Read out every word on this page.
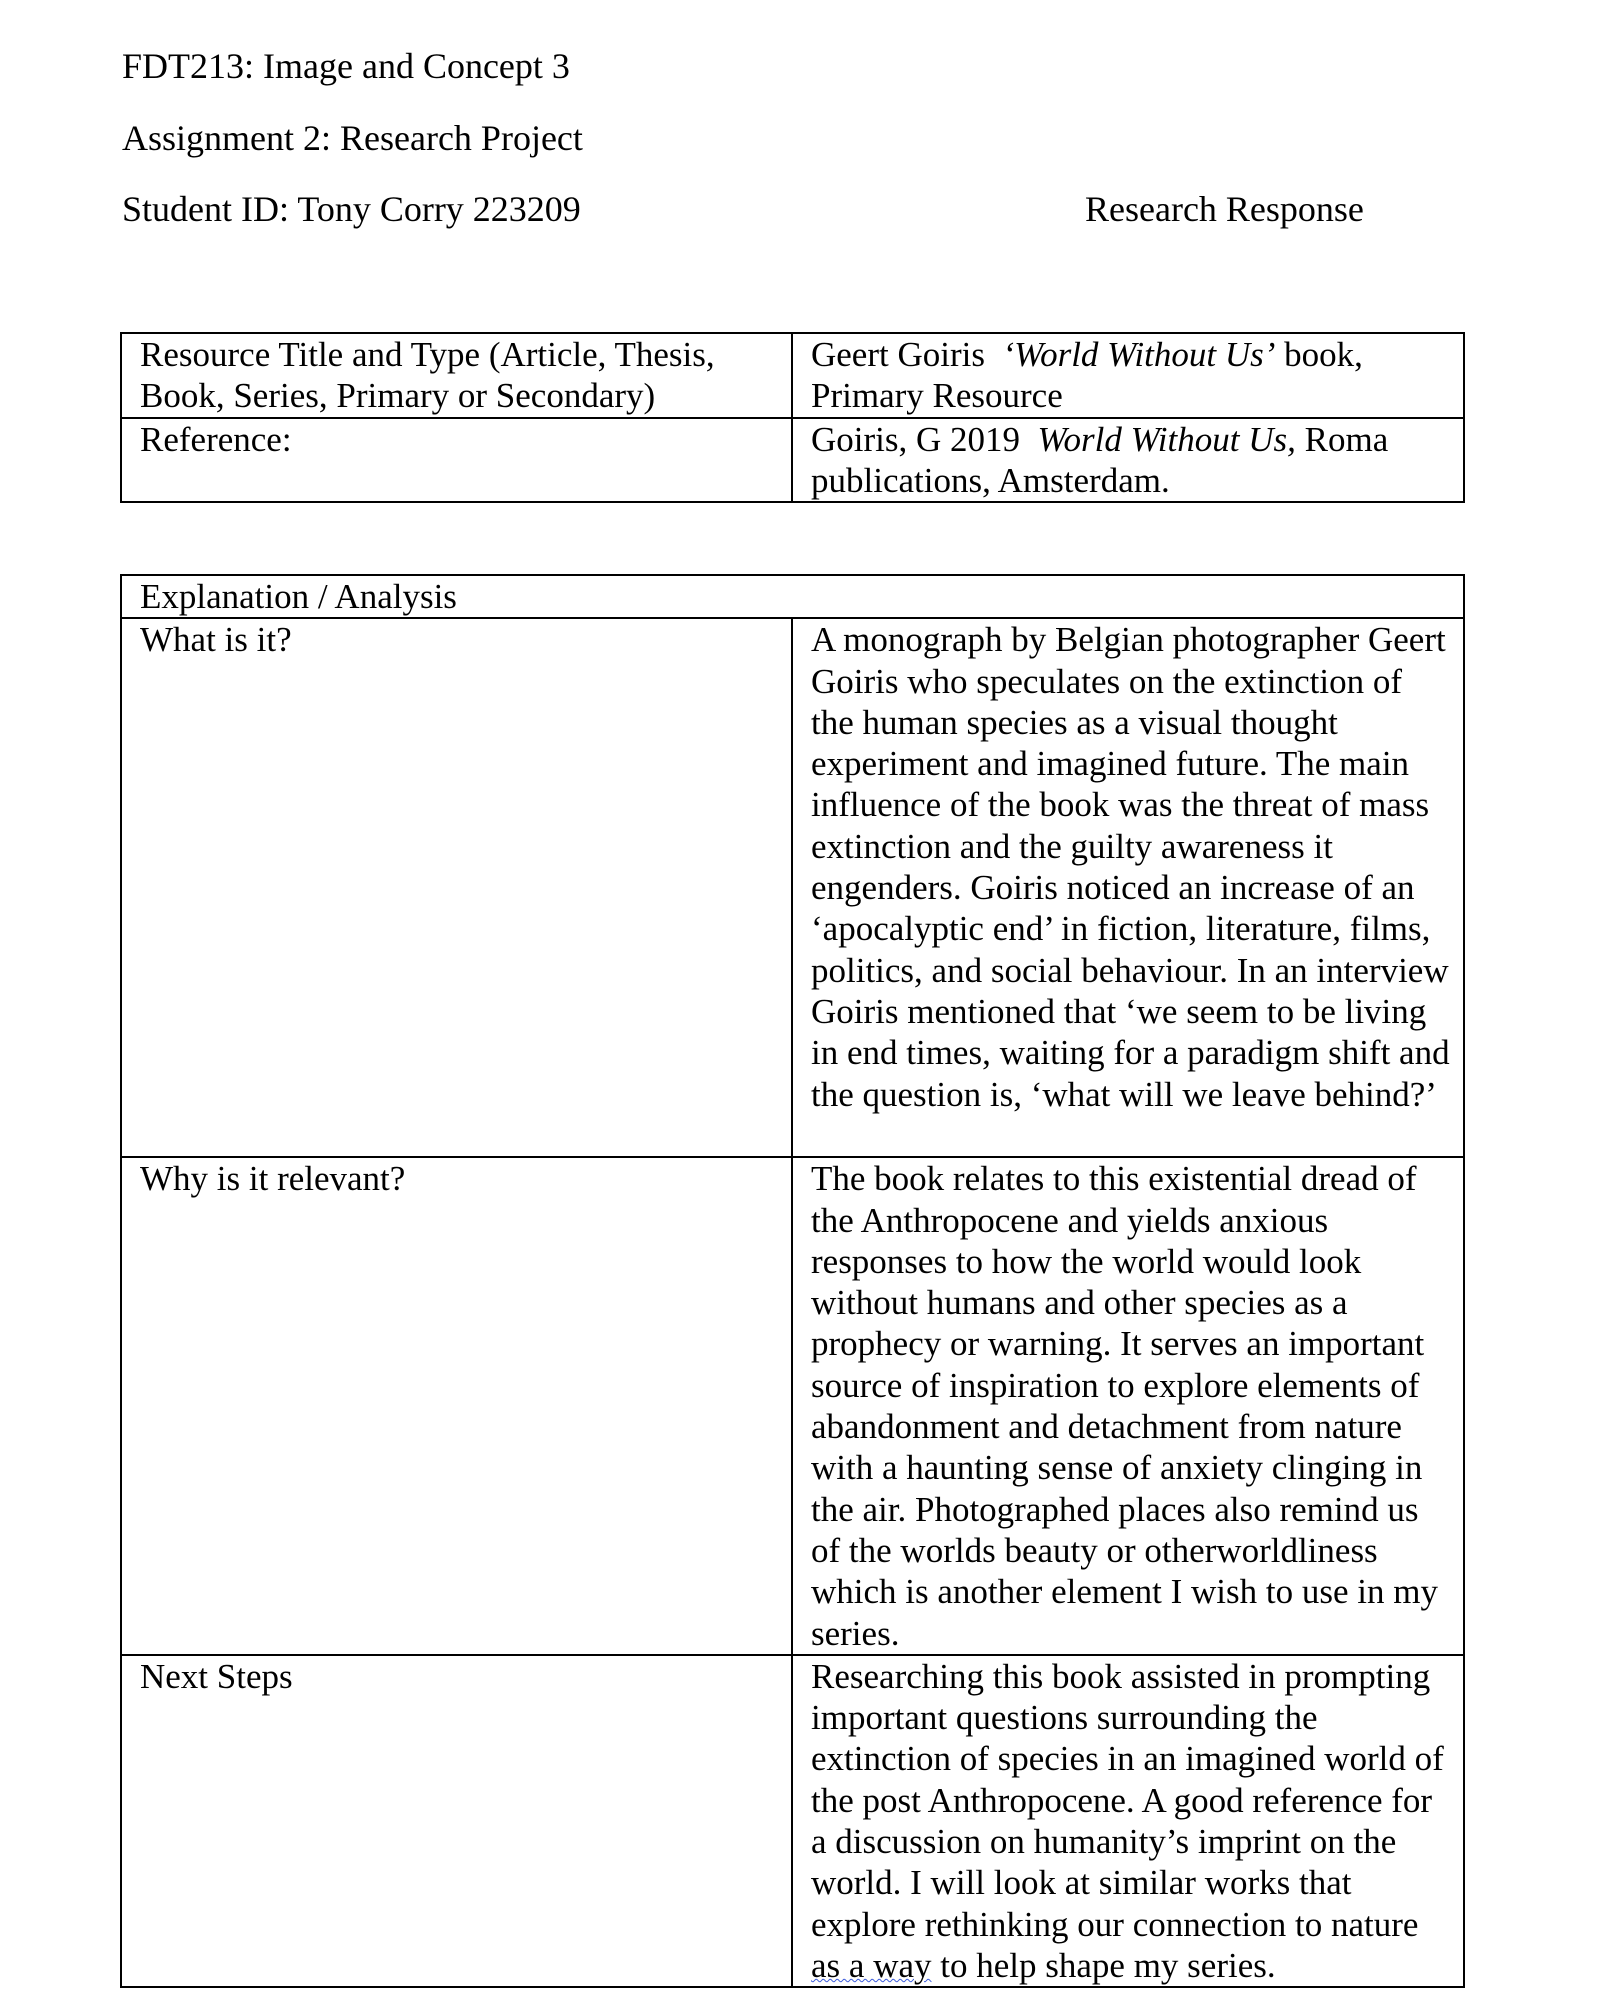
FDT213: Image and Concept 3
Assignment 2: Research Project
Student ID: Tony Corry 223209	Research Response
Resource Title and Type (Article, Thesis, Book, Series, Primary or Secondary)	Geert Goiris ‘World Without Us’ book, Primary Resource
Reference:	Goiris, G 2019 World Without Us, Roma publications, Amsterdam.
Explanation / Analysis	
What is it?	A monograph by Belgian photographer Geert Goiris who speculates on the extinction of the human species as a visual thought experiment and imagined future. The main influence of the book was the threat of mass extinction and the guilty awareness it engenders. Goiris noticed an increase of an ‘apocalyptic end’ in fiction, literature, films, politics, and social behaviour. In an interview Goiris mentioned that ‘we seem to be living in end times, waiting for a paradigm shift and the question is, ‘what will we leave behind?’
Why is it relevant?	The book relates to this existential dread of the Anthropocene and yields anxious responses to how the world would look without humans and other species as a prophecy or warning. It serves an important source of inspiration to explore elements of abandonment and detachment from nature with a haunting sense of anxiety clinging in the air. Photographed places also remind us of the worlds beauty or otherworldliness which is another element I wish to use in my series.
Next Steps	Researching this book assisted in prompting important questions surrounding the extinction of species in an imagined world of the post Anthropocene. A good reference for a discussion on humanity’s imprint on the world. I will look at similar works that explore rethinking our connection to nature as a way to help shape my series.
